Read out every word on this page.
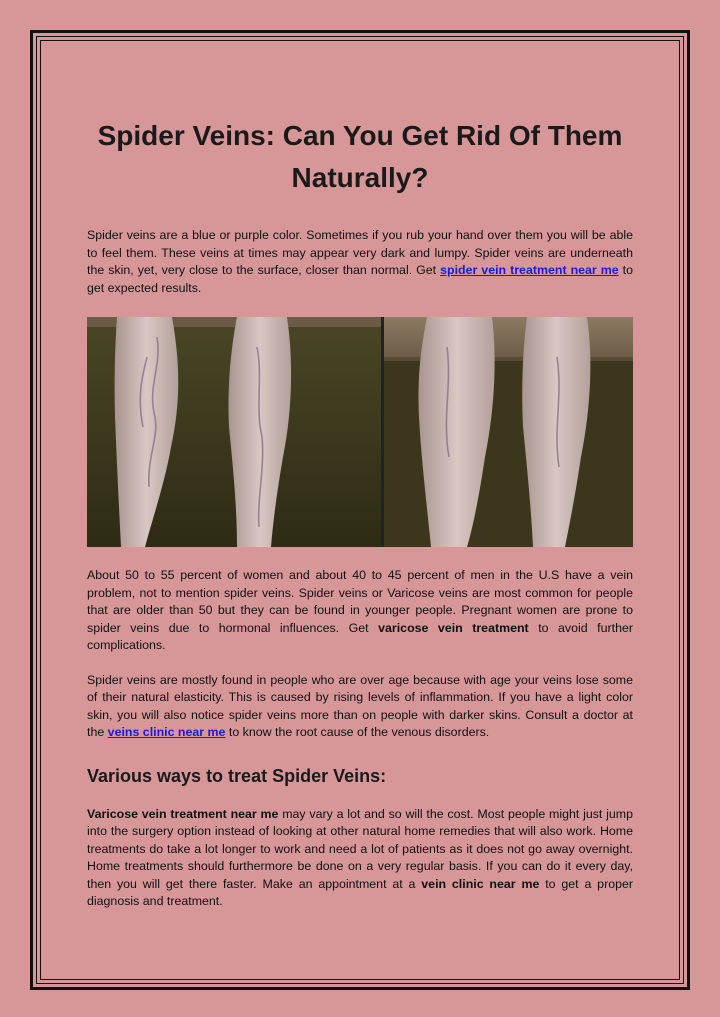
Spider Veins: Can You Get Rid Of Them Naturally?

Spider veins are a blue or purple color. Sometimes if you rub your hand over them you will be able to feel them. These veins at times may appear very dark and lumpy. Spider veins are underneath the skin, yet, very close to the surface, closer than normal. Get spider vein treatment near me to get expected results.

About 50 to 55 percent of women and about 40 to 45 percent of men in the U.S have a vein problem, not to mention spider veins. Spider veins or Varicose veins are most common for people that are older than 50 but they can be found in younger people. Pregnant women are prone to spider veins due to hormonal influences. Get varicose vein treatment to avoid further complications.

Spider veins are mostly found in people who are over age because with age your veins lose some of their natural elasticity. This is caused by rising levels of inflammation. If you have a light color skin, you will also notice spider veins more than on people with darker skins. Consult a doctor at the veins clinic near me to know the root cause of the venous disorders.

Various ways to treat Spider Veins:

Varicose vein treatment near me may vary a lot and so will the cost. Most people might just jump into the surgery option instead of looking at other natural home remedies that will also work. Home treatments do take a lot longer to work and need a lot of patients as it does not go away overnight. Home treatments should furthermore be done on a very regular basis. If you can do it every day, then you will get there faster. Make an appointment at a vein clinic near me to get a proper diagnosis and treatment.
